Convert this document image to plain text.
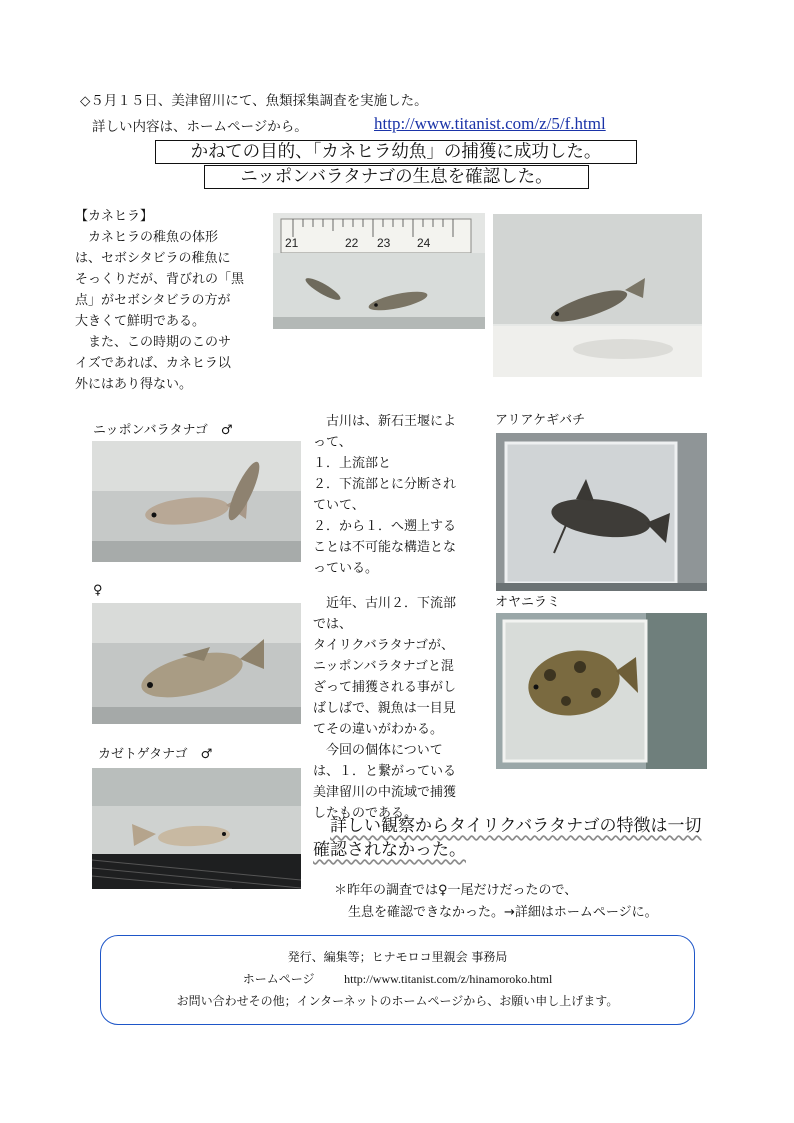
◇５月１５日、美津留川にて、魚類採集調査を実施した。
詳しい内容は、ホームページから。	http://www.titanist.com/z/5/f.html
かねての目的、「カネヒラ幼魚」の捕獲に成功した。
ニッポンバラタナゴの生息を確認した。
【カネヒラ】
カネヒラの稚魚の体形
は、セボシタビラの稚魚に
そっくりだが、背びれの「黒
点」がセボシタビラの方が
大きくて鮮明である。
また、この時期のこのサ
イズであれば、カネヒラ以
外にはあり得ない。
21	22 23 24
ニッポンバラタナゴ　♂
♀
カゼトゲタナゴ　♂
古川は、新石王堰によ
って、
１．上流部と
２．下流部とに分断され
ていて、
２．から１．へ遡上する
ことは不可能な構造とな
っている。
近年、古川２．下流部
では、
タイリクバラタナゴが、
ニッポンバラタナゴと混
ざって捕獲される事がし
ばしばで、親魚は一目見
てその違いがわかる。
今回の個体について
は、１．と繋がっている
美津留川の中流域で捕獲
したものである。
アリアケギバチ
オヤニラミ
詳しい観察からタイリクバラタナゴの特徴は一切
確認されなかった。
＊昨年の調査では♀一尾だけだったので、
生息を確認できなかった。→詳細はホームページに。
発行、編集等；ヒナモロコ里親会 事務局
ホームページ http://www.titanist.com/z/hinamoroko.html
お問い合わせその他；インターネットのホームページから、お願い申し上げます。
